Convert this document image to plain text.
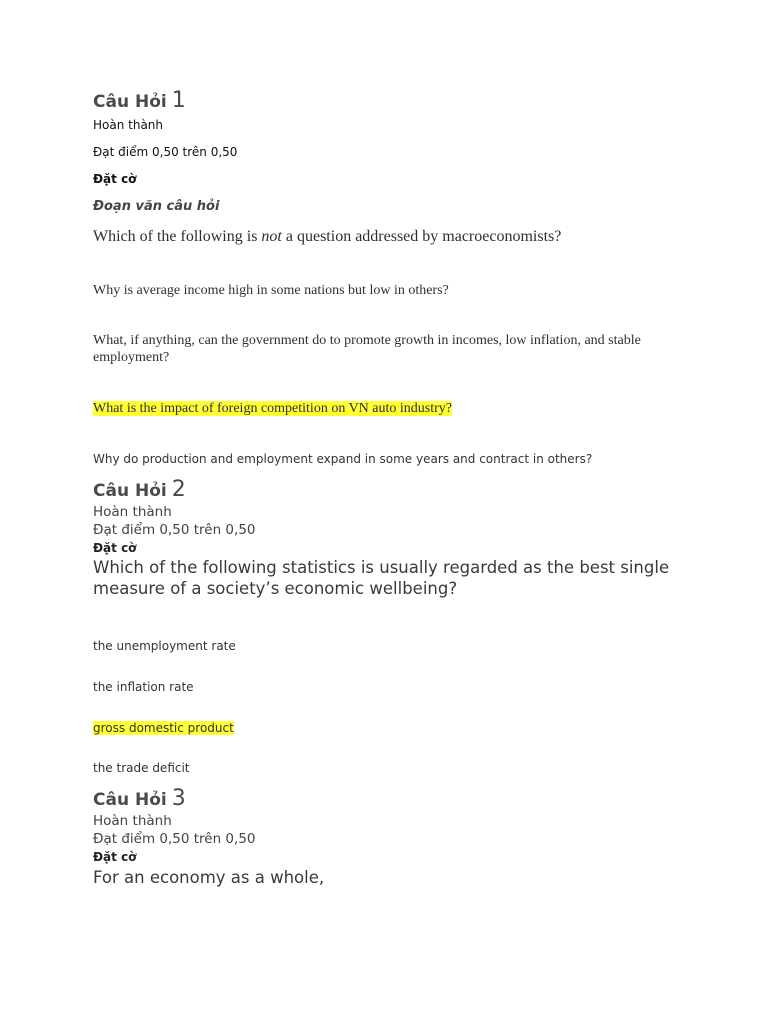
Câu Hỏi 1
Hoàn thành
Đạt điểm 0,50 trên 0,50
Đặt cờ
Đoạn văn câu hỏi
Which of the following is not a question addressed by macroeconomists?
Why is average income high in some nations but low in others?
What, if anything, can the government do to promote growth in incomes, low inflation, and stable employment?
What is the impact of foreign competition on VN auto industry?
Why do production and employment expand in some years and contract in others?
Câu Hỏi 2
Hoàn thành
Đạt điểm 0,50 trên 0,50
Đặt cờ
Which of the following statistics is usually regarded as the best single measure of a society’s economic wellbeing?
the unemployment rate
the inflation rate
gross domestic product
the trade deficit
Câu Hỏi 3
Hoàn thành
Đạt điểm 0,50 trên 0,50
Đặt cờ
For an economy as a whole,
